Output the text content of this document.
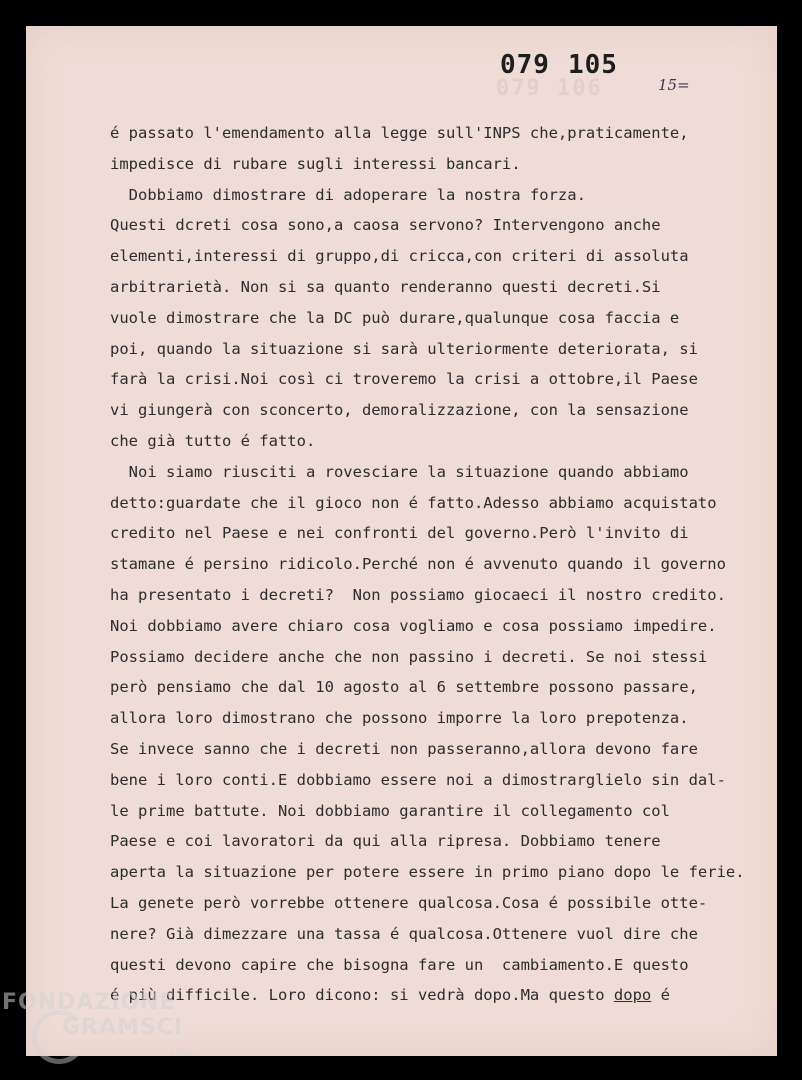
079 106
079 105
15=
é passato l'emendamento alla legge sull'INPS che,praticamente,
impedisce di rubare sugli interessi bancari.
Dobbiamo dimostrare di adoperare la nostra forza.
Questi dcreti cosa sono,a caosa servono? Intervengono anche
elementi,interessi di gruppo,di cricca,con criteri di assoluta
arbitrarietà. Non si sa quanto renderanno questi decreti.Si
vuole dimostrare che la DC può durare,qualunque cosa faccia e
poi, quando la situazione si sarà ulteriormente deteriorata, si
farà la crisi.Noi così ci troveremo la crisi a ottobre,il Paese
vi giungerà con sconcerto, demoralizzazione, con la sensazione
che già tutto é fatto.
Noi siamo riusciti a rovesciare la situazione quando abbiamo
detto:guardate che il gioco non é fatto.Adesso abbiamo acquistato
credito nel Paese e nei confronti del governo.Però l'invito di
stamane é persino ridicolo.Perché non é avvenuto quando il governo
ha presentato i decreti?  Non possiamo giocaeci il nostro credito.
Noi dobbiamo avere chiaro cosa vogliamo e cosa possiamo impedire.
Possiamo decidere anche che non passino i decreti. Se noi stessi
però pensiamo che dal 10 agosto al 6 settembre possono passare,
allora loro dimostrano che possono imporre la loro prepotenza.
Se invece sanno che i decreti non passeranno,allora devono fare
bene i loro conti.E dobbiamo essere noi a dimostrarglielo sin dal-
le prime battute. Noi dobbiamo garantire il collegamento col
Paese e coi lavoratori da qui alla ripresa. Dobbiamo tenere
aperta la situazione per potere essere in primo piano dopo le ferie.
La genete però vorrebbe ottenere qualcosa.Cosa é possibile otte-
nere? Già dimezzare una tassa é qualcosa.Ottenere vuol dire che
questi devono capire che bisogna fare un  cambiamento.E questo
é più difficile. Loro dicono: si vedrà dopo.Ma questo dopo é
FONDAZIONE
GRAMSCI
onlus
